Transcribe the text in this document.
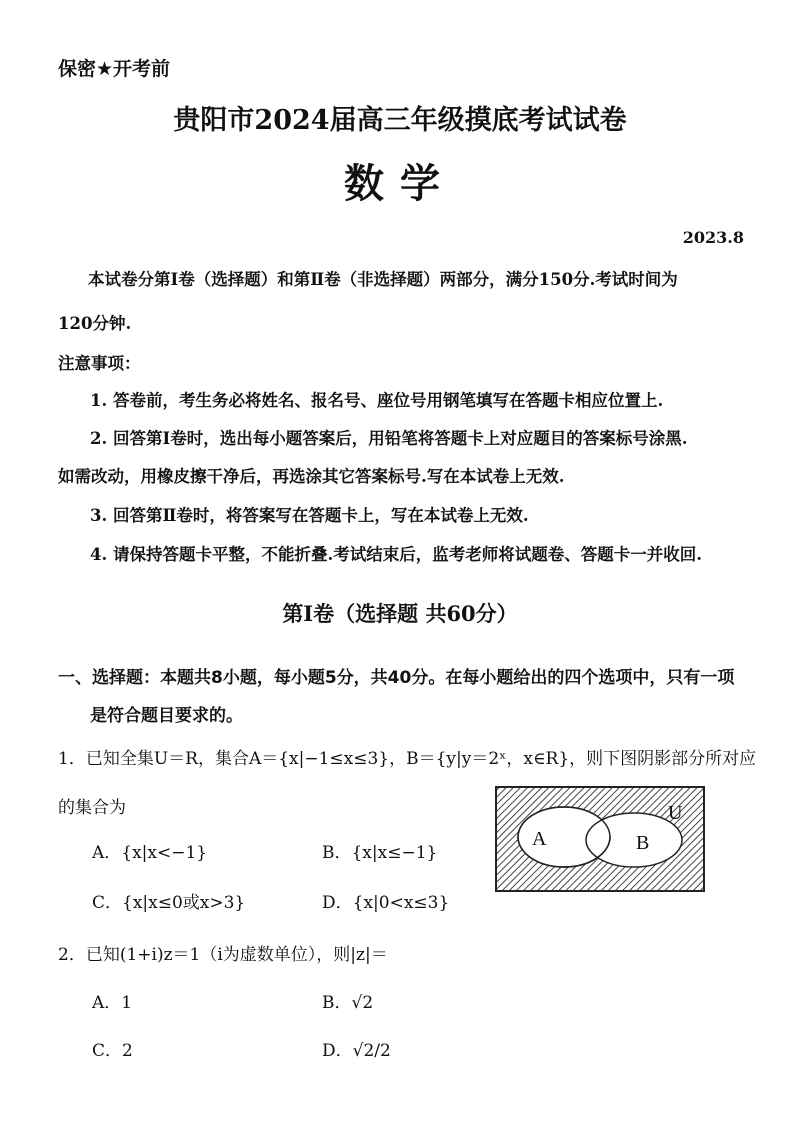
保密★开考前
贵阳市2024届高三年级摸底考试试卷
数学
2023.8
本试卷分第Ⅰ卷（选择题）和第Ⅱ卷（非选择题）两部分，满分150分.考试时间为
120分钟.
注意事项：
1. 答卷前，考生务必将姓名、报名号、座位号用钢笔填写在答题卡相应位置上.
2. 回答第Ⅰ卷时，选出每小题答案后，用铅笔将答题卡上对应题目的答案标号涂黑.
如需改动，用橡皮擦干净后，再选涂其它答案标号.写在本试卷上无效.
3. 回答第Ⅱ卷时，将答案写在答题卡上，写在本试卷上无效.
4. 请保持答题卡平整，不能折叠.考试结束后，监考老师将试题卷、答题卡一并收回.
第Ⅰ卷（选择题 共60分）
一、选择题：本题共8小题，每小题5分，共40分。在每小题给出的四个选项中，只有一项
是符合题目要求的。
1．已知全集U＝R，集合A＝{x|−1≤x≤3}，B＝{y|y＝2ˣ，x∈R}，则下图阴影部分所对应
的集合为
A．{x|x<−1}	B．{x|x≤−1}
C．{x|x≤0或x>3}	D．{x|0<x≤3}
A	B
U
2．已知(1+i)z＝1（i为虚数单位），则|z|＝
A．1	B．√2
C．2	D．√2/2
